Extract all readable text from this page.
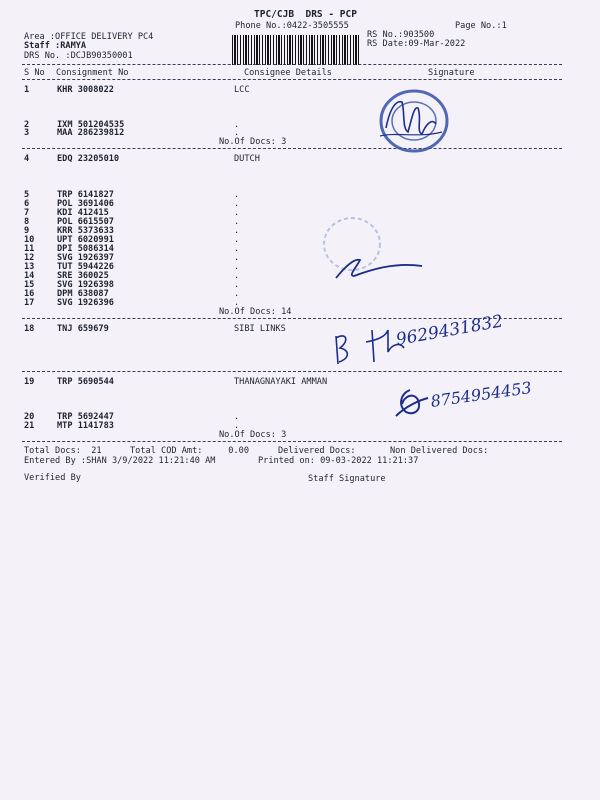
TPC/CJB  DRS - PCP
Phone No.:0422-3505555	Page No.:1
Area :OFFICE DELIVERY PC4
Staff :RAMYA
DRS No. :DCJB90350001
RS No.:903500
RS Date:09-Mar-2022
S No Consignment No	Consignee Details	Signature
1	KHR 3008022	LCC
2	IXM 501204535	.
3	MAA 286239812	.
No.Of Docs: 3
4	EDQ 23205010	DUTCH
5	TRP 6141827	.
6	POL 3691406	.
7	KDI 412415	.
8	POL 6615507	.
9	KRR 5373633	.
10	UPT 6020991	.
11	DPI 5086314	.
12	SVG 1926397	.
13	TUT 5944226	.
14	SRE 360025	.
15	SVG 1926398	.
16	DPM 638087	.
17	SVG 1926396	.
No.Of Docs: 14
18	TNJ 659679	SIBI LINKS
19	TRP 5690544	THANAGNAYAKI AMMAN
20	TRP 5692447	.
21	MTP 1141783	.
No.Of Docs: 3
Total Docs:  21	Total COD Amt:     0.00	Delivered Docs:	Non Delivered Docs:
Entered By :SHAN 3/9/2022 11:21:40 AM	Printed on: 09-03-2022 11:21:37
Verified By	Staff Signature
9629431832
8754954453
